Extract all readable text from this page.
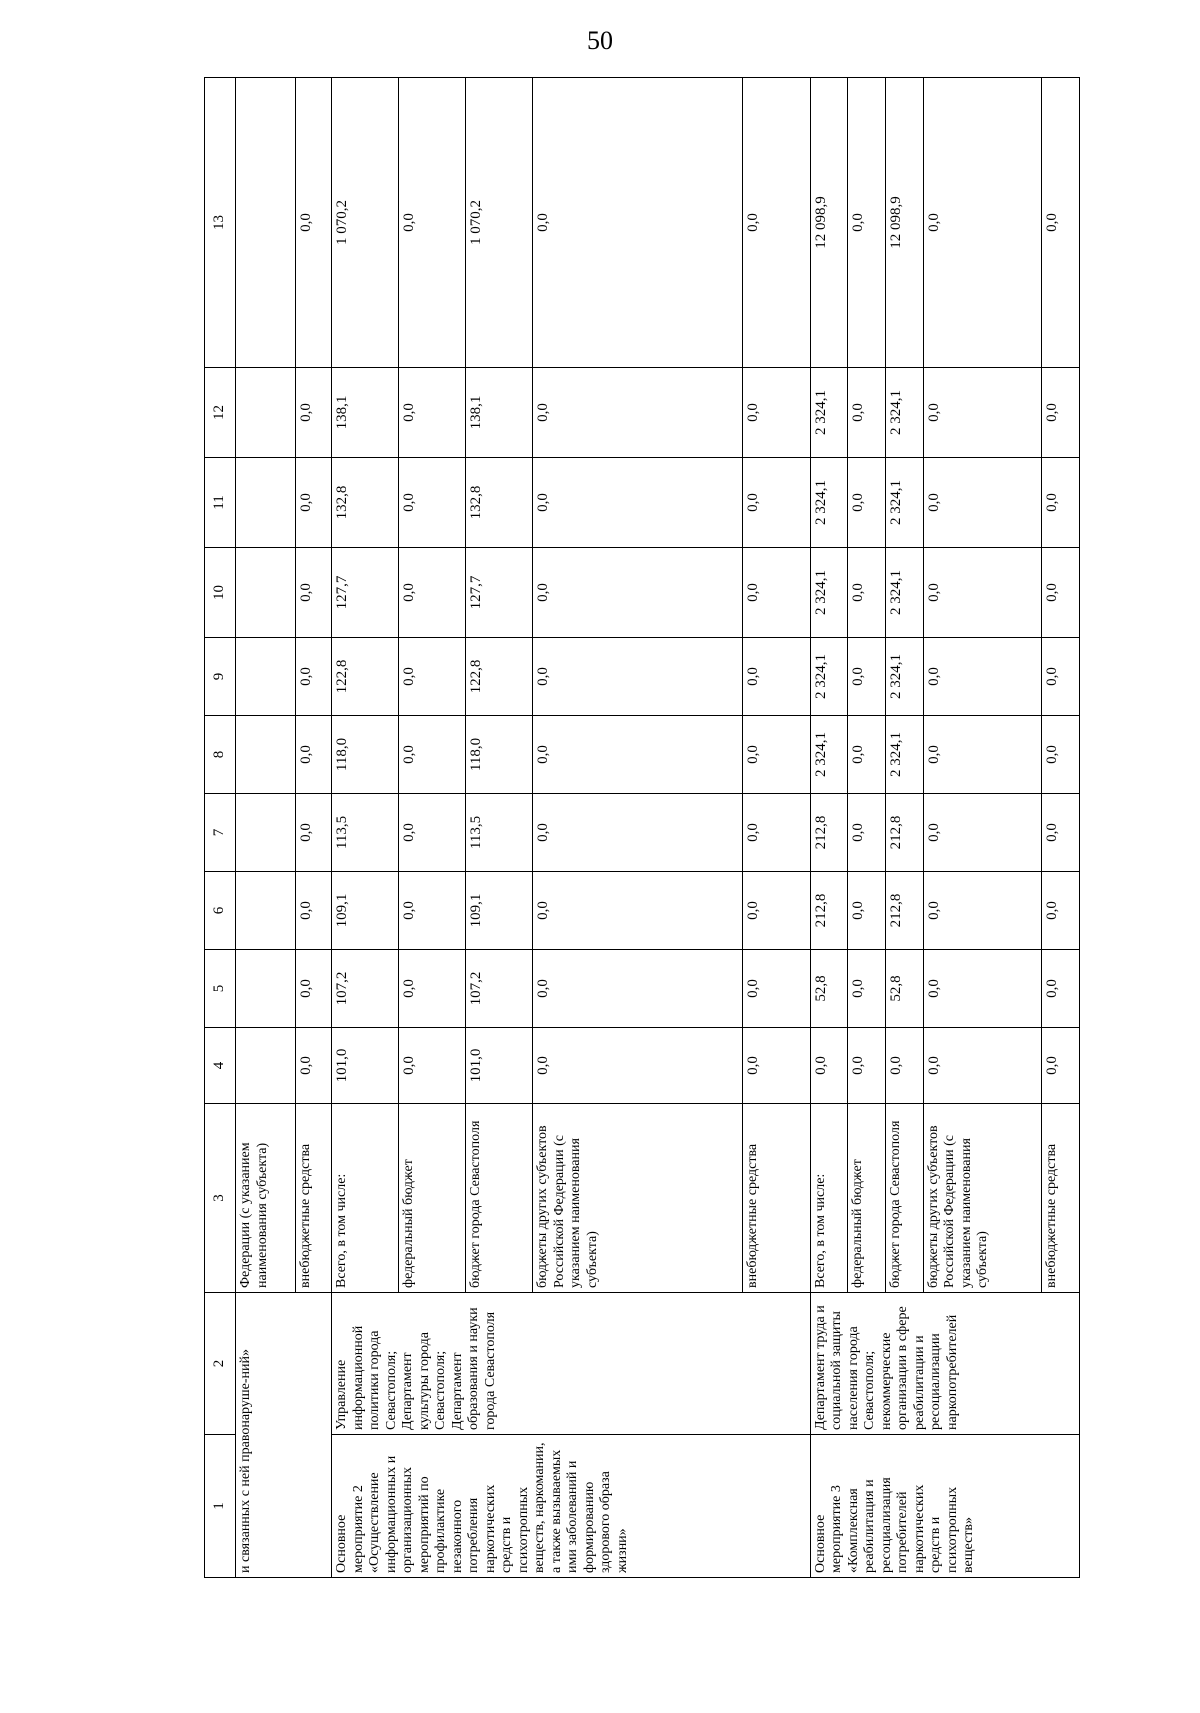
50
1	2	3	4	5	6	7	8	9	10	11	12	13
и связанных с ней правонаруше-ний»		Федерации (с указанием наименования субъекта)										
		внебюджетные средства	0,0	0,0	0,0	0,0	0,0	0,0	0,0	0,0	0,0	0,0
Основное мероприятие 2 «Осуществление информационных и организационных мероприятий по профилактике незаконного потребления наркотических средств и психотропных веществ, наркомании, а также вызываемых ими заболеваний и формированию здорового образа жизни»	Управление информационной политики города Севастополя; Департамент культуры города Севастополя; Департамент образования и науки города Севастополя	Всего, в том числе:	101,0	107,2	109,1	113,5	118,0	122,8	127,7	132,8	138,1	1 070,2
		федеральный бюджет	0,0	0,0	0,0	0,0	0,0	0,0	0,0	0,0	0,0	0,0
		бюджет города Севастополя	101,0	107,2	109,1	113,5	118,0	122,8	127,7	132,8	138,1	1 070,2
		бюджеты других субъектов Российской Федерации (с указанием наименования субъекта)	0,0	0,0	0,0	0,0	0,0	0,0	0,0	0,0	0,0	0,0
		внебюджетные средства	0,0	0,0	0,0	0,0	0,0	0,0	0,0	0,0	0,0	0,0
Основное мероприятие 3 «Комплексная реабилитация и ресоциализация потребителей наркотических средств и психотропных веществ»	Департамент труда и социальной защиты населения города Севастополя; некоммерческие организации в сфере реабилитации и ресоциализации наркопотребителей	Всего, в том числе:	0,0	52,8	212,8	212,8	2 324,1	2 324,1	2 324,1	2 324,1	2 324,1	12 098,9
		федеральный бюджет	0,0	0,0	0,0	0,0	0,0	0,0	0,0	0,0	0,0	0,0
		бюджет города Севастополя	0,0	52,8	212,8	212,8	2 324,1	2 324,1	2 324,1	2 324,1	2 324,1	12 098,9
		бюджеты других субъектов Российской Федерации (с указанием наименования субъекта)	0,0	0,0	0,0	0,0	0,0	0,0	0,0	0,0	0,0	0,0
		внебюджетные средства	0,0	0,0	0,0	0,0	0,0	0,0	0,0	0,0	0,0	0,0
